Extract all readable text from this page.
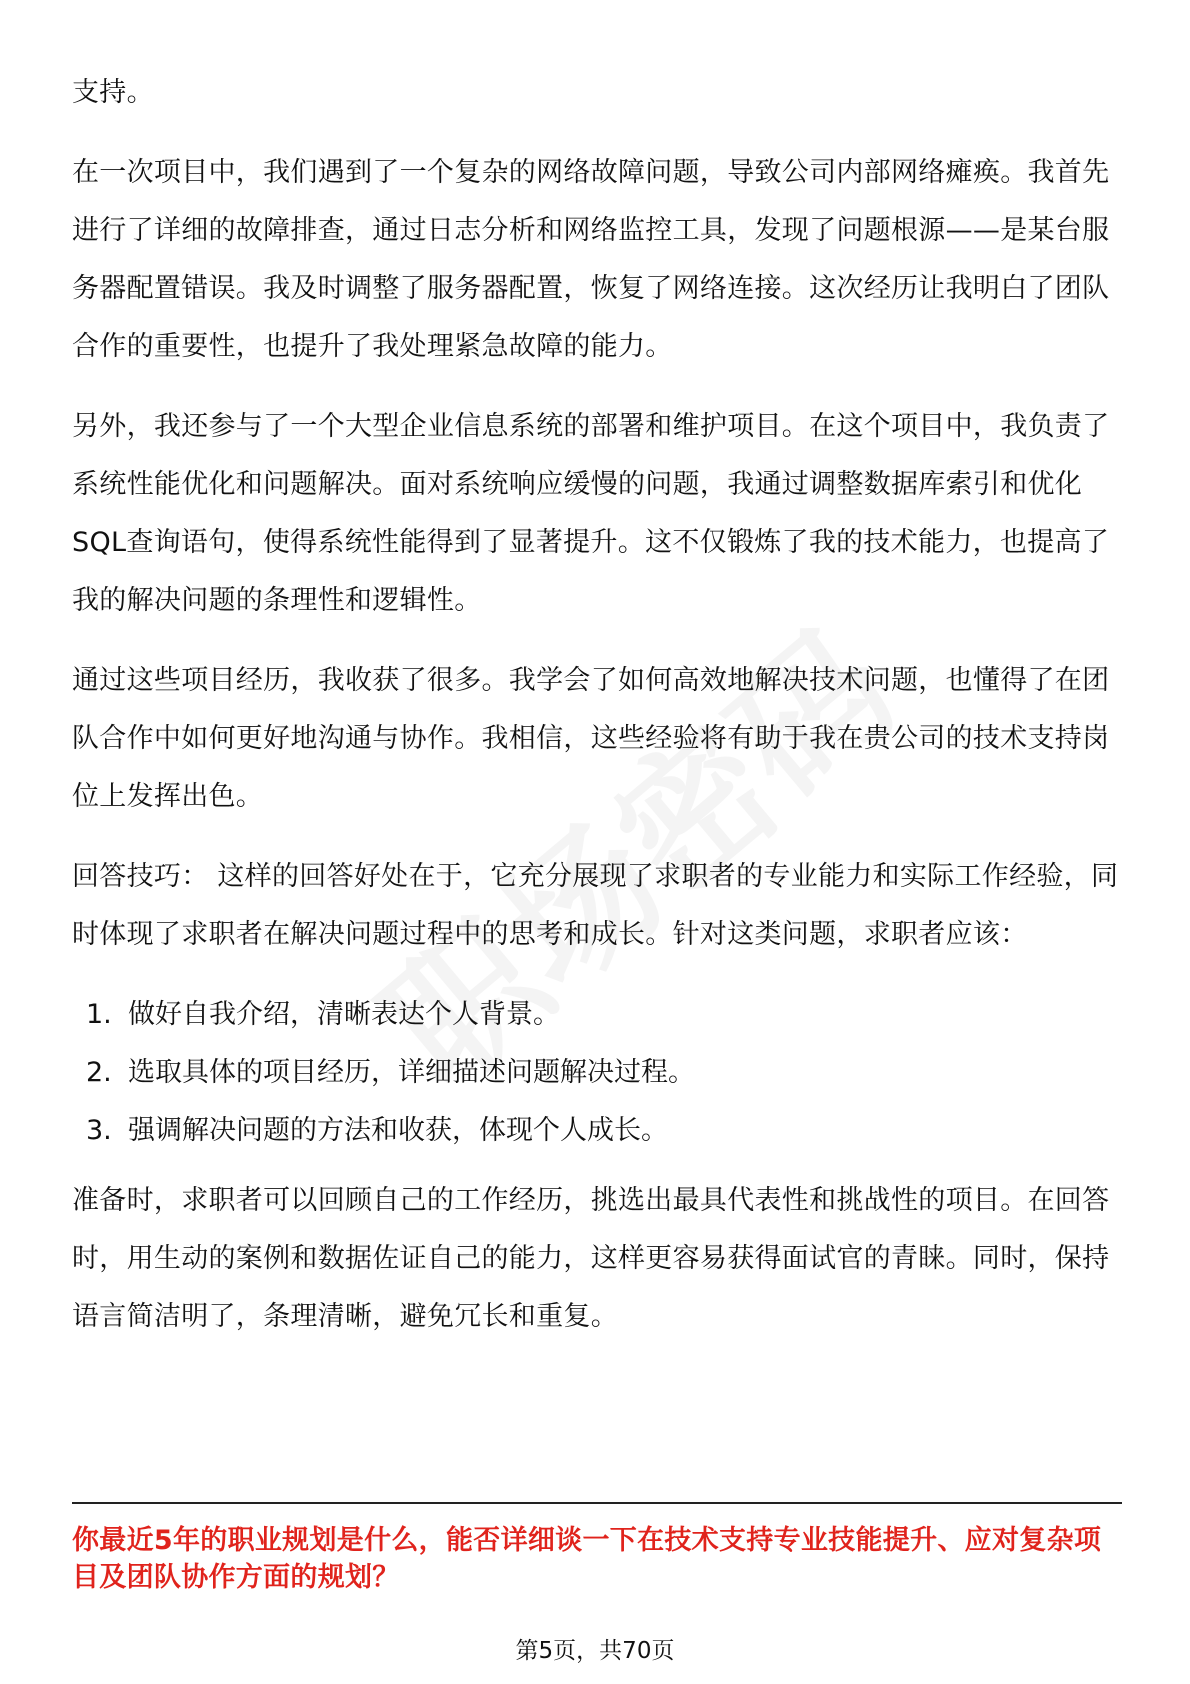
支持。

在一次项目中，我们遇到了一个复杂的网络故障问题，导致公司内部网络瘫痪。我首先进行了详细的故障排查，通过日志分析和网络监控工具，发现了问题根源——是某台服务器配置错误。我及时调整了服务器配置，恢复了网络连接。这次经历让我明白了团队合作的重要性，也提升了我处理紧急故障的能力。

另外，我还参与了一个大型企业信息系统的部署和维护项目。在这个项目中，我负责了系统性能优化和问题解决。面对系统响应缓慢的问题，我通过调整数据库索引和优化SQL查询语句，使得系统性能得到了显著提升。这不仅锻炼了我的技术能力，也提高了我的解决问题的条理性和逻辑性。

通过这些项目经历，我收获了很多。我学会了如何高效地解决技术问题，也懂得了在团队合作中如何更好地沟通与协作。我相信，这些经验将有助于我在贵公司的技术支持岗位上发挥出色。

回答技巧： 这样的回答好处在于，它充分展现了求职者的专业能力和实际工作经验，同时体现了求职者在解决问题过程中的思考和成长。针对这类问题，求职者应该：

1. 做好自我介绍，清晰表达个人背景。
2. 选取具体的项目经历，详细描述问题解决过程。
3. 强调解决问题的方法和收获，体现个人成长。

准备时，求职者可以回顾自己的工作经历，挑选出最具代表性和挑战性的项目。在回答时，用生动的案例和数据佐证自己的能力，这样更容易获得面试官的青睐。同时，保持语言简洁明了，条理清晰，避免冗长和重复。

你最近5年的职业规划是什么，能否详细谈一下在技术支持专业技能提升、应对复杂项目及团队协作方面的规划？
第5页，共70页
